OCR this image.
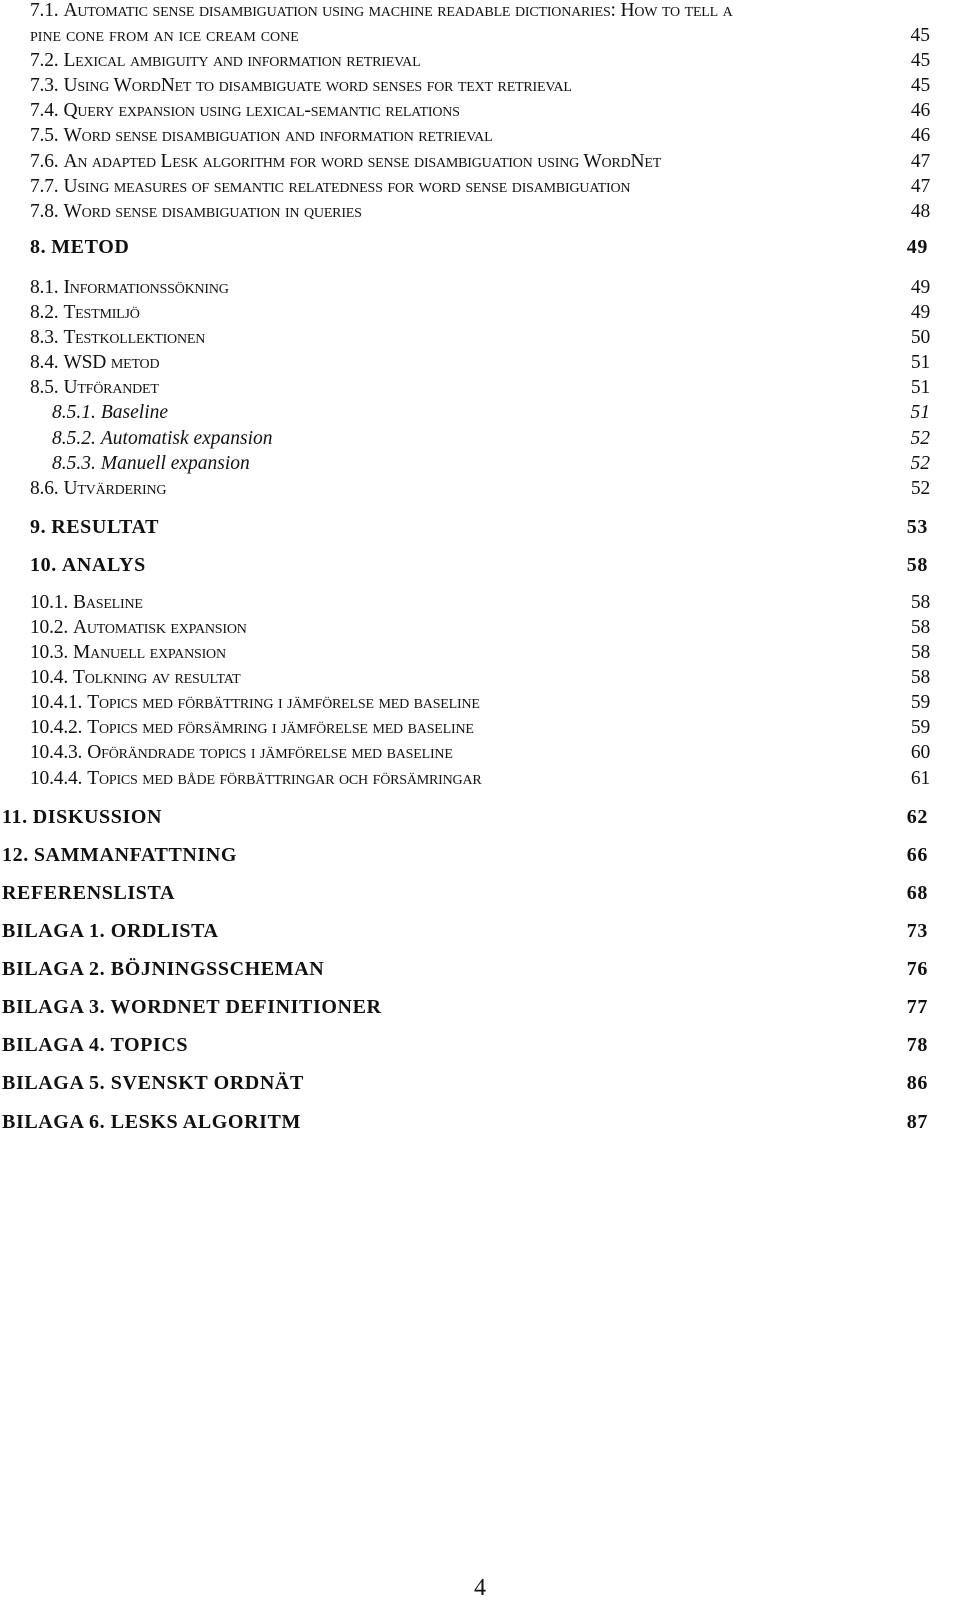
7.1. Automatic sense disambiguation using machine readable dictionaries: How to tell a
pine cone from an ice cream cone	45
7.2. Lexical ambiguity and information retrieval	45
7.3. Using WordNet to disambiguate word senses for text retrieval	45
7.4. Query expansion using lexical-semantic relations	46
7.5. Word sense disambiguation and information retrieval	46
7.6. An adapted Lesk algorithm for word sense disambiguation using WordNet	47
7.7. Using measures of semantic relatedness for word sense disambiguation	47
7.8. Word sense disambiguation in queries	48
8. METOD	49
8.1. Informationssökning	49
8.2. Testmiljö	49
8.3. Testkollektionen	50
8.4. WSD metod	51
8.5. Utförandet	51
8.5.1. Baseline	51
8.5.2. Automatisk expansion	52
8.5.3. Manuell expansion	52
8.6. Utvärdering	52
9. RESULTAT	53
10. ANALYS	58
10.1. Baseline	58
10.2. Automatisk expansion	58
10.3. Manuell expansion	58
10.4. Tolkning av resultat	58
10.4.1. Topics med förbättring i jämförelse med baseline	59
10.4.2. Topics med försämring i jämförelse med baseline	59
10.4.3. Oförändrade topics i jämförelse med baseline	60
10.4.4. Topics med både förbättringar och försämringar	61
11. DISKUSSION	62
12. SAMMANFATTNING	66
REFERENSLISTA	68
BILAGA 1. ORDLISTA	73
BILAGA 2. BÖJNINGSSCHEMAN	76
BILAGA 3. WORDNET DEFINITIONER	77
BILAGA 4. TOPICS	78
BILAGA 5. SVENSKT ORDNÄT	86
BILAGA 6. LESKS ALGORITM	87
4
